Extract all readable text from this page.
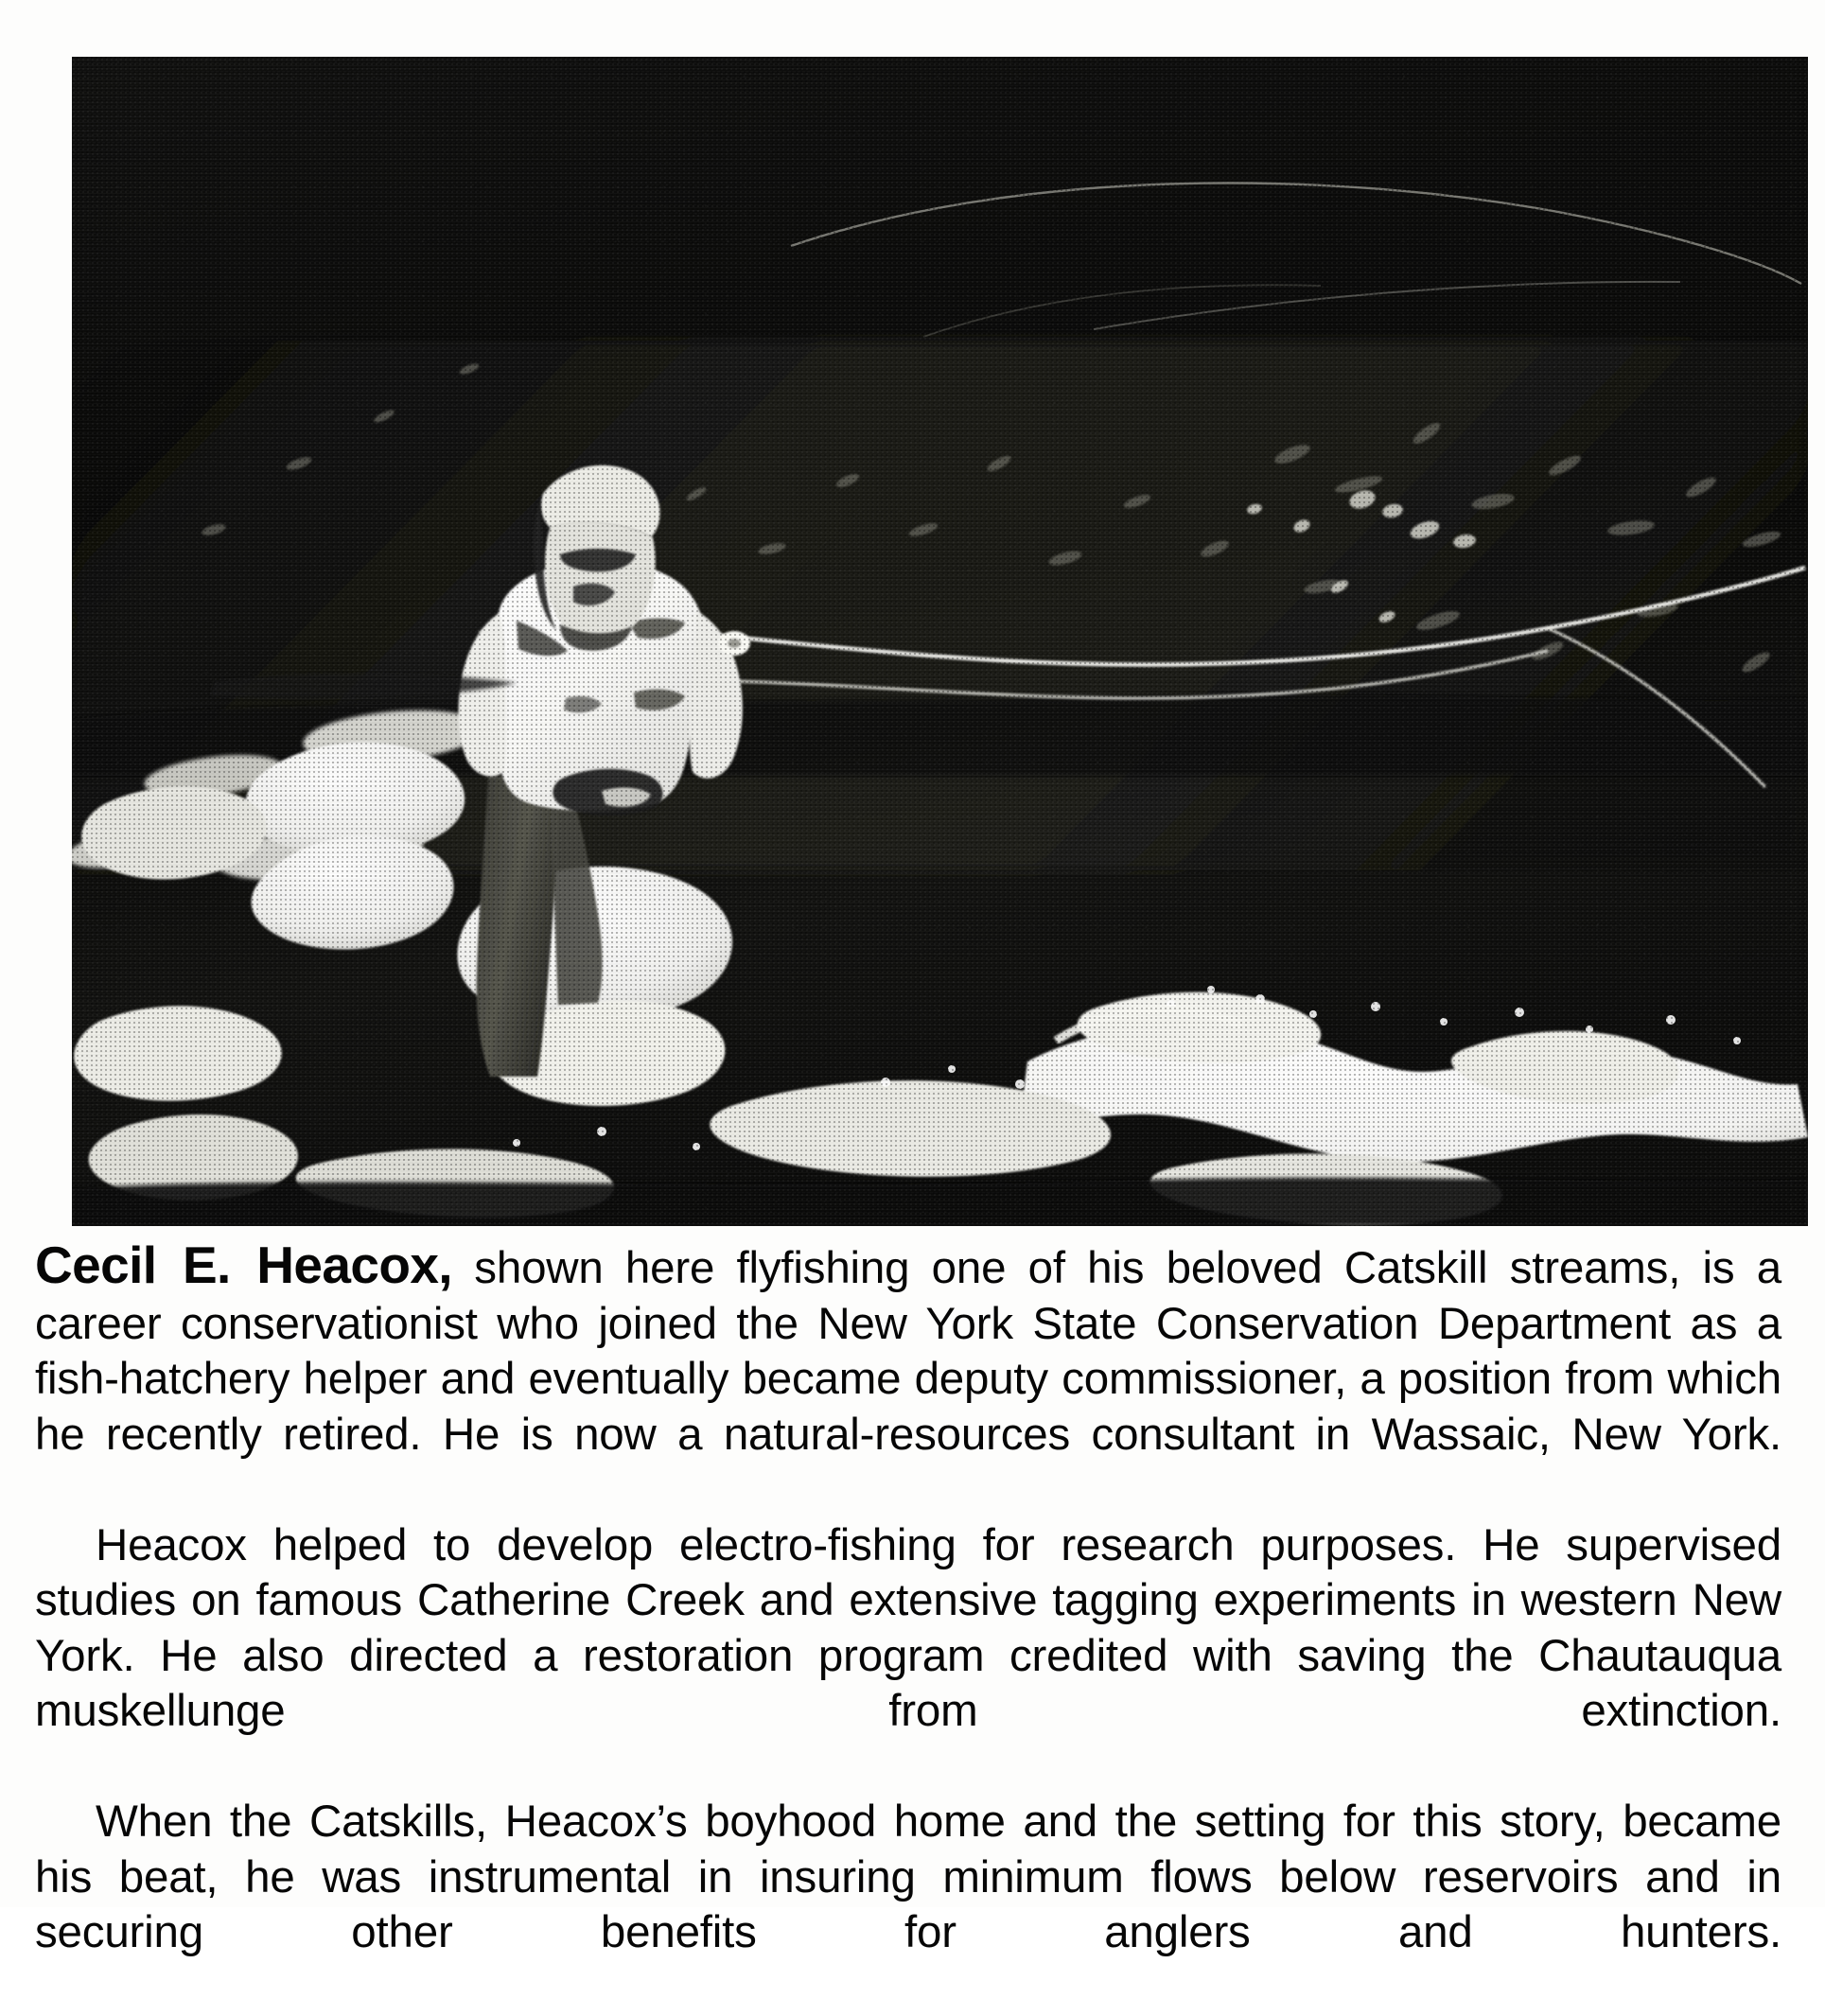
Cecil E. Heacox, shown here flyfishing one of his beloved Catskill streams, is a career conservationist who joined the New York State Conservation Department as a fish-hatchery helper and eventually became deputy commissioner, a position from which he recently retired. He is now a natural-resources consultant in Wassaic, New York.

Heacox helped to develop electro-fishing for research purposes. He supervised studies on famous Catherine Creek and extensive tagging experiments in western New York. He also directed a restoration program credited with saving the Chautauqua muskellunge from extinction.

When the Catskills, Heacox’s boyhood home and the setting for this story, became his beat, he was instrumental in insuring minimum flows below reservoirs and in securing other benefits for anglers and hunters.
